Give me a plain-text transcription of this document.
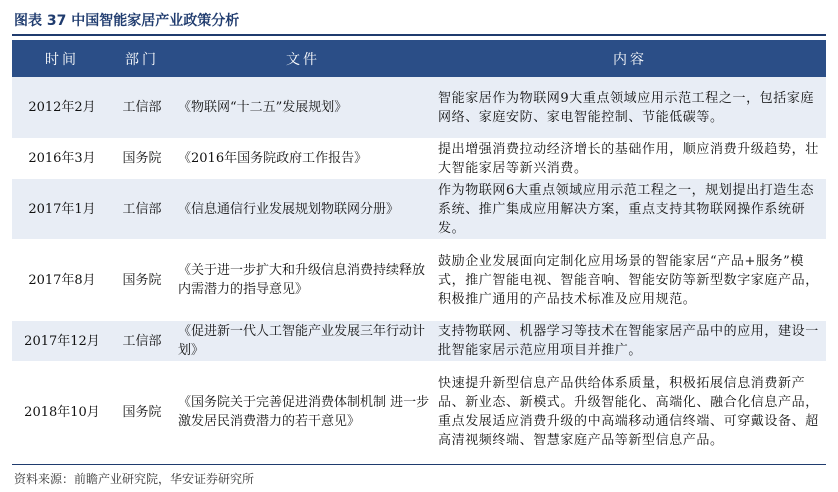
图表 37 中国智能家居产业政策分析
时间	部门	文件	内容
2012年2月	工信部	《物联网“十二五”发展规划》	智能家居作为物联网9大重点领域应用示范工程之一，包括家庭网络、家庭安防、家电智能控制、节能低碳等。
2016年3月	国务院	《2016年国务院政府工作报告》	提出增强消费拉动经济增长的基础作用，顺应消费升级趋势，壮大智能家居等新兴消费。
2017年1月	工信部	《信息通信行业发展规划物联网分册》	作为物联网6大重点领域应用示范工程之一，规划提出打造生态系统、推广集成应用解决方案，重点支持其物联网操作系统研发。
2017年8月	国务院	《关于进一步扩大和升级信息消费持续释放内需潜力的指导意见》	鼓励企业发展面向定制化应用场景的智能家居“产品+服务”模式，推广智能电视、智能音响、智能安防等新型数字家庭产品，积极推广通用的产品技术标准及应用规范。
2017年12月	工信部	《促进新一代人工智能产业发展三年行动计划》	支持物联网、机器学习等技术在智能家居产品中的应用，建设一批智能家居示范应用项目并推广。
2018年10月	国务院	《国务院关于完善促进消费体制机制 进一步激发居民消费潜力的若干意见》	快速提升新型信息产品供给体系质量，积极拓展信息消费新产品、新业态、新模式。升级智能化、高端化、融合化信息产品，重点发展适应消费升级的中高端移动通信终端、可穿戴设备、超高清视频终端、智慧家庭产品等新型信息产品。
资料来源：前瞻产业研究院，华安证券研究所
